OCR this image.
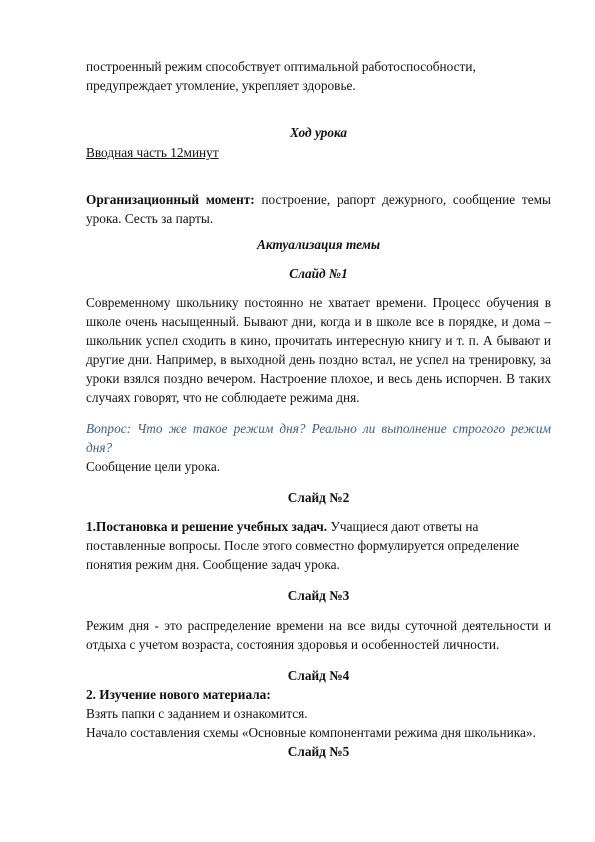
построенный режим способствует оптимальной работоспособности,

предупреждает утомление, укрепляет здоровье.

Ход урока

Вводная часть 12минут

Организационный момент: построение, рапорт дежурного, сообщение темы урока. Сесть за парты.

Актуализация темы

Слайд №1

Современному школьнику постоянно не хватает времени. Процесс обучения в школе очень насыщенный. Бывают дни, когда и в школе все в порядке, и дома – школьник успел сходить в кино, прочитать интересную книгу и т. п. А бывают и другие дни. Например, в выходной день поздно встал, не успел на тренировку, за уроки взялся поздно вечером. Настроение плохое, и весь день испорчен. В таких случаях говорят, что не соблюдаете режима дня.

Вопрос: Что же такое режим дня? Реально ли выполнение строгого режим дня?

Сообщение цели урока.

Слайд №2

1.Постановка и решение учебных задач. Учащиеся дают ответы на

поставленные вопросы. После этого совместно формулируется определение

понятия режим дня. Сообщение задач урока.

Слайд №3

Режим дня - это распределение времени на все виды суточной деятельности и отдыха с учетом возраста, состояния здоровья и особенностей личности.

Слайд №4

2. Изучение нового материала:

Взять папки с заданием и ознакомится.

Начало составления схемы «Основные компонентами режима дня школьника».

Слайд №5
